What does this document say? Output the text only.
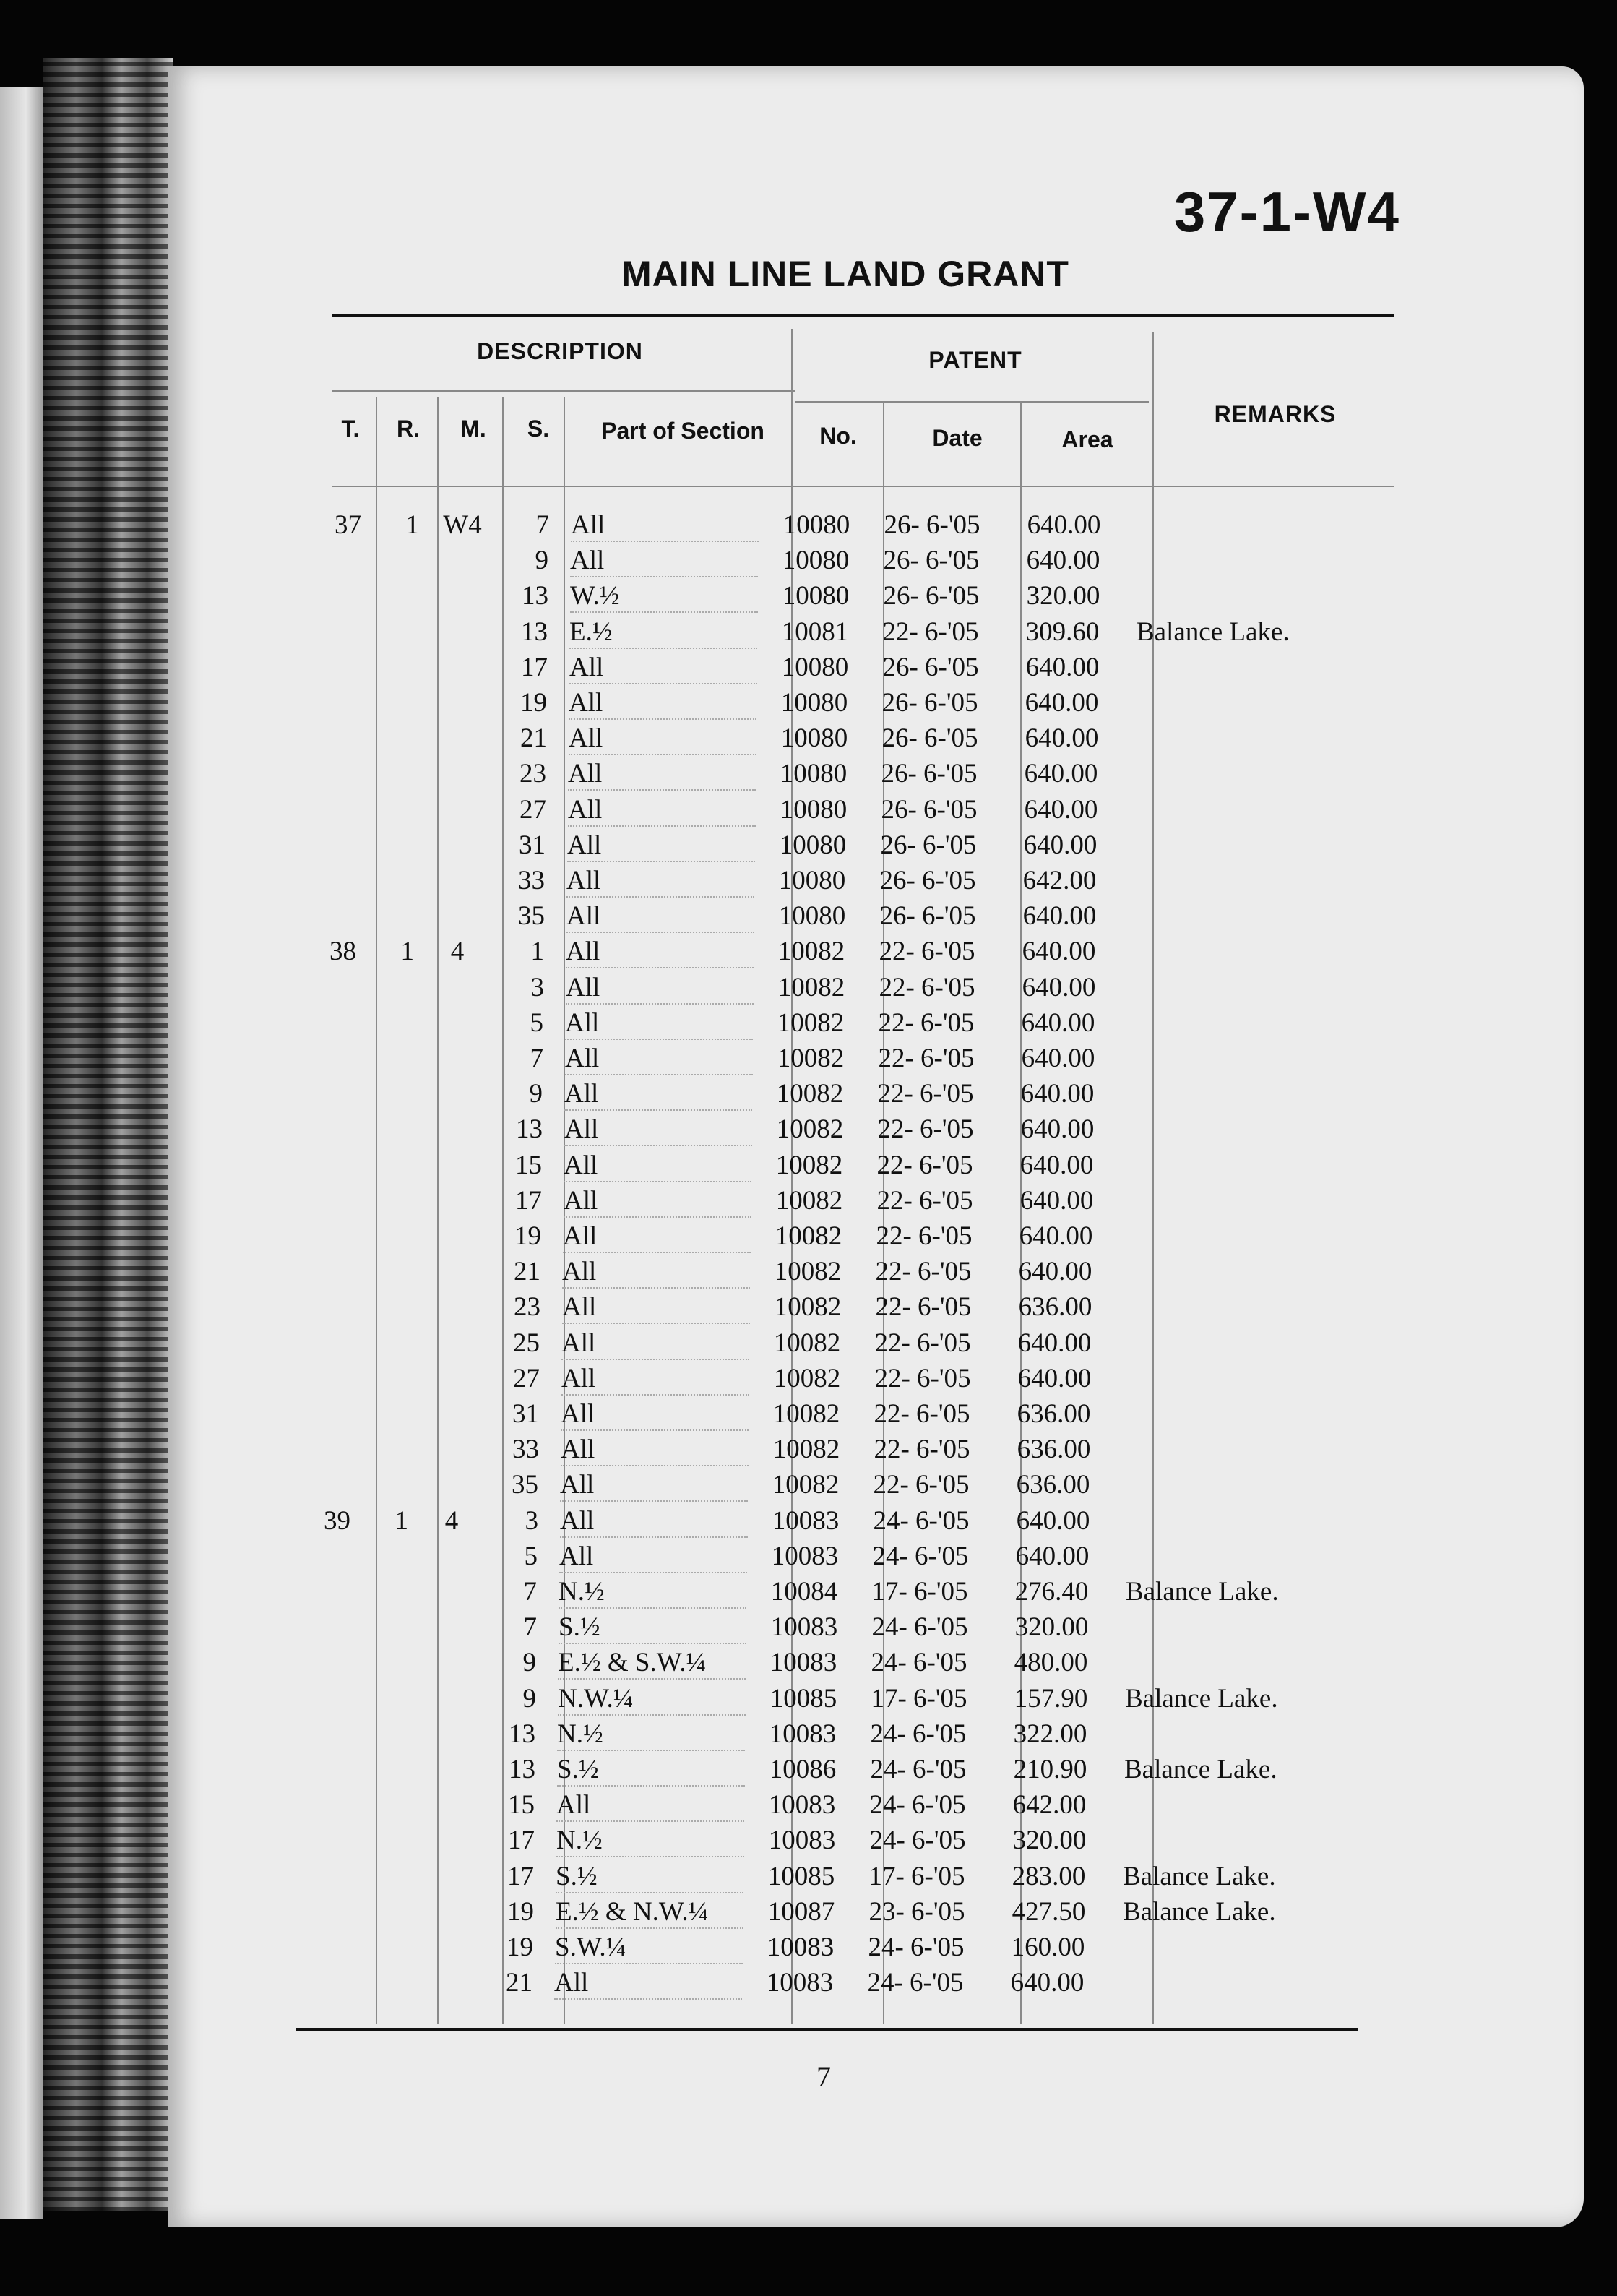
37-1-W4
MAIN LINE LAND GRANT
DESCRIPTION	PATENT
REMARKS
T.	R.	M.	S.	Part of Section	No.	Date	Area
37	1 W4	7 All	10080	26- 6-'05	640.00
9 All	10080	26- 6-'05	640.00
13 W.½	10080	26- 6-'05	320.00
13 E.½	10081	22- 6-'05	309.60	Balance Lake.
17 All	10080	26- 6-'05	640.00
19 All	10080	26- 6-'05	640.00
21 All	10080	26- 6-'05	640.00
23 All	10080	26- 6-'05	640.00
27 All	10080	26- 6-'05	640.00
31 All	10080	26- 6-'05	640.00
33 All	10080	26- 6-'05	642.00
35 All	10080	26- 6-'05	640.00
38	1	4	1 All	10082	22- 6-'05	640.00
3 All	10082	22- 6-'05	640.00
5 All	10082	22- 6-'05	640.00
7 All	10082	22- 6-'05	640.00
9 All	10082	22- 6-'05	640.00
13 All	10082	22- 6-'05	640.00
15 All	10082	22- 6-'05	640.00
17 All	10082	22- 6-'05	640.00
19 All	10082	22- 6-'05	640.00
21 All	10082	22- 6-'05	640.00
23 All	10082	22- 6-'05	636.00
25 All	10082	22- 6-'05	640.00
27 All	10082	22- 6-'05	640.00
31 All	10082	22- 6-'05	636.00
33 All	10082	22- 6-'05	636.00
35 All	10082	22- 6-'05	636.00
39	1	4	3 All	10083	24- 6-'05	640.00
5 All	10083	24- 6-'05	640.00
7 N.½	10084	17- 6-'05	276.40	Balance Lake.
7 S.½	10083	24- 6-'05	320.00
9 E.½ & S.W.¼	10083	24- 6-'05	480.00
9 N.W.¼	10085	17- 6-'05	157.90	Balance Lake.
13 N.½	10083	24- 6-'05	322.00
13 S.½	10086	24- 6-'05	210.90	Balance Lake.
15 All	10083	24- 6-'05	642.00
17 N.½	10083	24- 6-'05	320.00
17 S.½	10085	17- 6-'05	283.00	Balance Lake.
19 E.½ & N.W.¼	10087	23- 6-'05	427.50	Balance Lake.
19 S.W.¼	10083	24- 6-'05	160.00
21 All	10083	24- 6-'05	640.00
7
